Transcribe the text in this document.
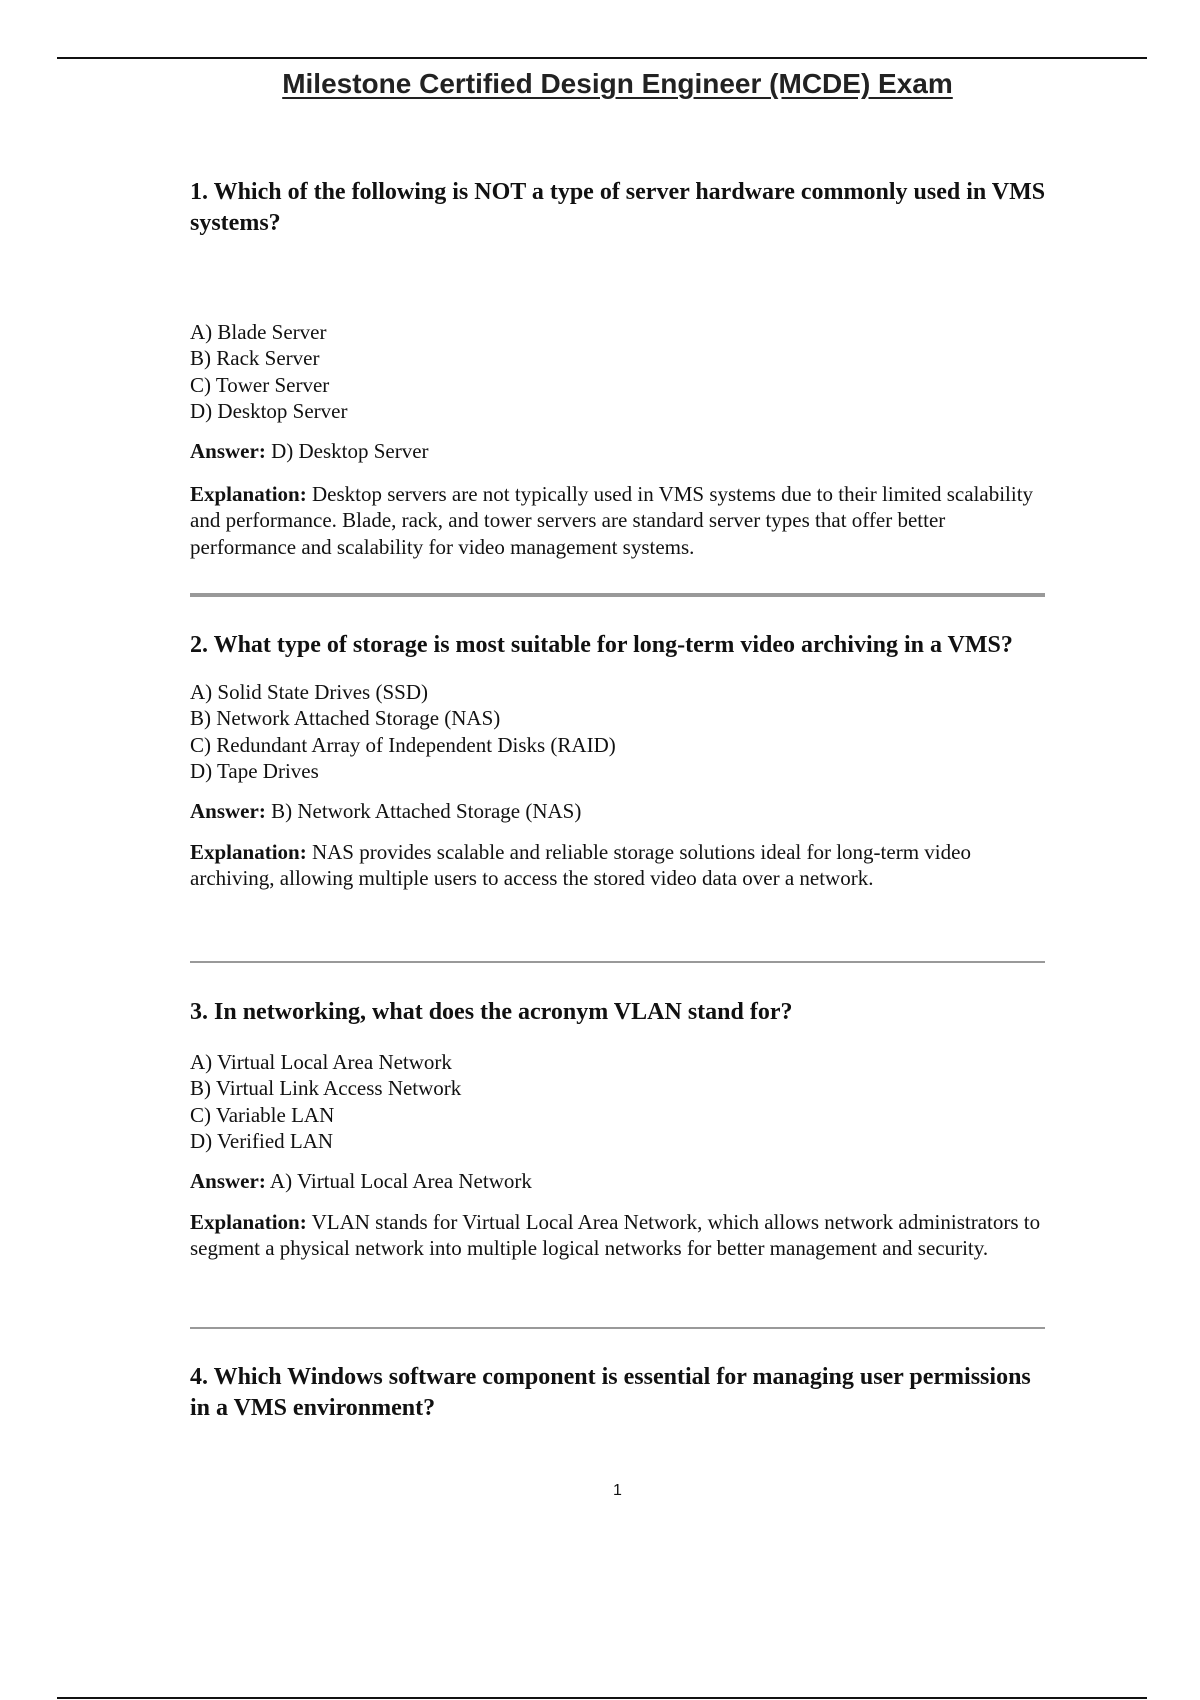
Milestone Certified Design Engineer (MCDE) Exam

1. Which of the following is NOT a type of server hardware commonly used in VMS systems?

A) Blade Server
B) Rack Server
C) Tower Server
D) Desktop Server
Answer: D) Desktop Server
Explanation: Desktop servers are not typically used in VMS systems due to their limited scalability and performance. Blade, rack, and tower servers are standard server types that offer better performance and scalability for video management systems.

2. What type of storage is most suitable for long-term video archiving in a VMS?

A) Solid State Drives (SSD)
B) Network Attached Storage (NAS)
C) Redundant Array of Independent Disks (RAID)
D) Tape Drives
Answer: B) Network Attached Storage (NAS)
Explanation: NAS provides scalable and reliable storage solutions ideal for long-term video archiving, allowing multiple users to access the stored video data over a network.

3. In networking, what does the acronym VLAN stand for?

A) Virtual Local Area Network
B) Virtual Link Access Network
C) Variable LAN
D) Verified LAN
Answer: A) Virtual Local Area Network
Explanation: VLAN stands for Virtual Local Area Network, which allows network administrators to segment a physical network into multiple logical networks for better management and security.

4. Which Windows software component is essential for managing user permissions in a VMS environment?

1
